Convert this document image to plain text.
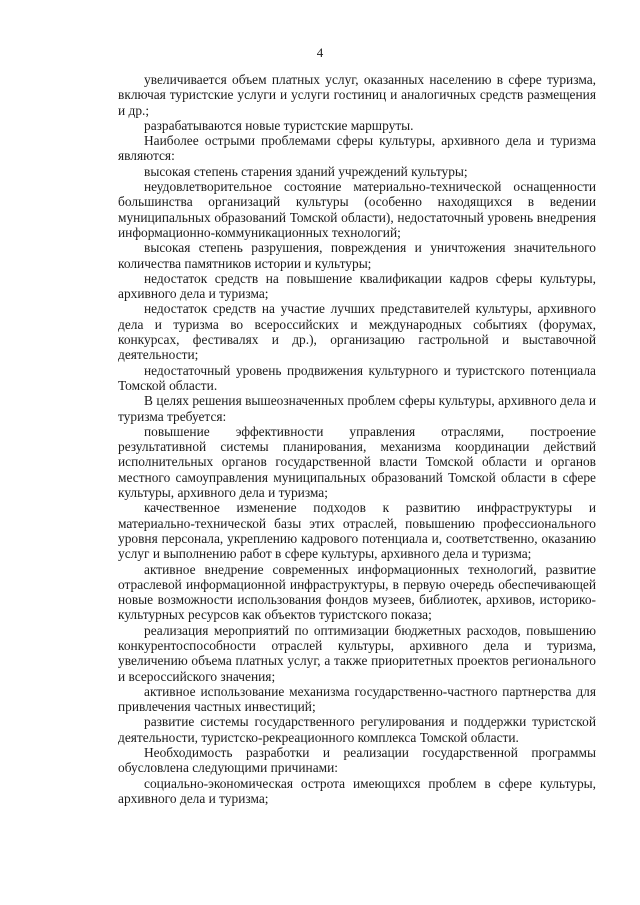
4

увеличивается объем платных услуг, оказанных населению в сфере туризма, включая туристские услуги и услуги гостиниц и аналогичных средств размещения и др.;

разрабатываются новые туристские маршруты.

Наиболее острыми проблемами сферы культуры, архивного дела и туризма являются:

высокая степень старения зданий учреждений культуры;

неудовлетворительное состояние материально-технической оснащенности большинства организаций культуры (особенно находящихся в ведении муниципальных образований Томской области), недостаточный уровень внедрения информационно-коммуникационных технологий;

высокая степень разрушения, повреждения и уничтожения значительного количества памятников истории и культуры;

недостаток средств на повышение квалификации кадров сферы культуры, архивного дела и туризма;

недостаток средств на участие лучших представителей культуры, архивного дела и туризма во всероссийских и международных событиях (форумах, конкурсах, фестивалях и др.), организацию гастрольной и выставочной деятельности;

недостаточный уровень продвижения культурного и туристского потенциала Томской области.

В целях решения вышеозначенных проблем сферы культуры, архивного дела и туризма требуется:

повышение эффективности управления отраслями, построение результативной системы планирования, механизма координации действий исполнительных органов государственной власти Томской области и органов местного самоуправления муниципальных образований Томской области в сфере культуры, архивного дела и туризма;

качественное изменение подходов к развитию инфраструктуры и материально-технической базы этих отраслей, повышению профессионального уровня персонала, укреплению кадрового потенциала и, соответственно, оказанию услуг и выполнению работ в сфере культуры, архивного дела и туризма;

активное внедрение современных информационных технологий, развитие отраслевой информационной инфраструктуры, в первую очередь обеспечивающей новые возможности использования фондов музеев, библиотек, архивов, историко-культурных ресурсов как объектов туристского показа;

реализация мероприятий по оптимизации бюджетных расходов, повышению конкурентоспособности отраслей культуры, архивного дела и туризма, увеличению объема платных услуг, а также приоритетных проектов регионального и всероссийского значения;

активное использование механизма государственно-частного партнерства для привлечения частных инвестиций;

развитие системы государственного регулирования и поддержки туристской деятельности, туристско-рекреационного комплекса Томской области.

Необходимость разработки и реализации государственной программы обусловлена следующими причинами:

социально-экономическая острота имеющихся проблем в сфере культуры, архивного дела и туризма;
